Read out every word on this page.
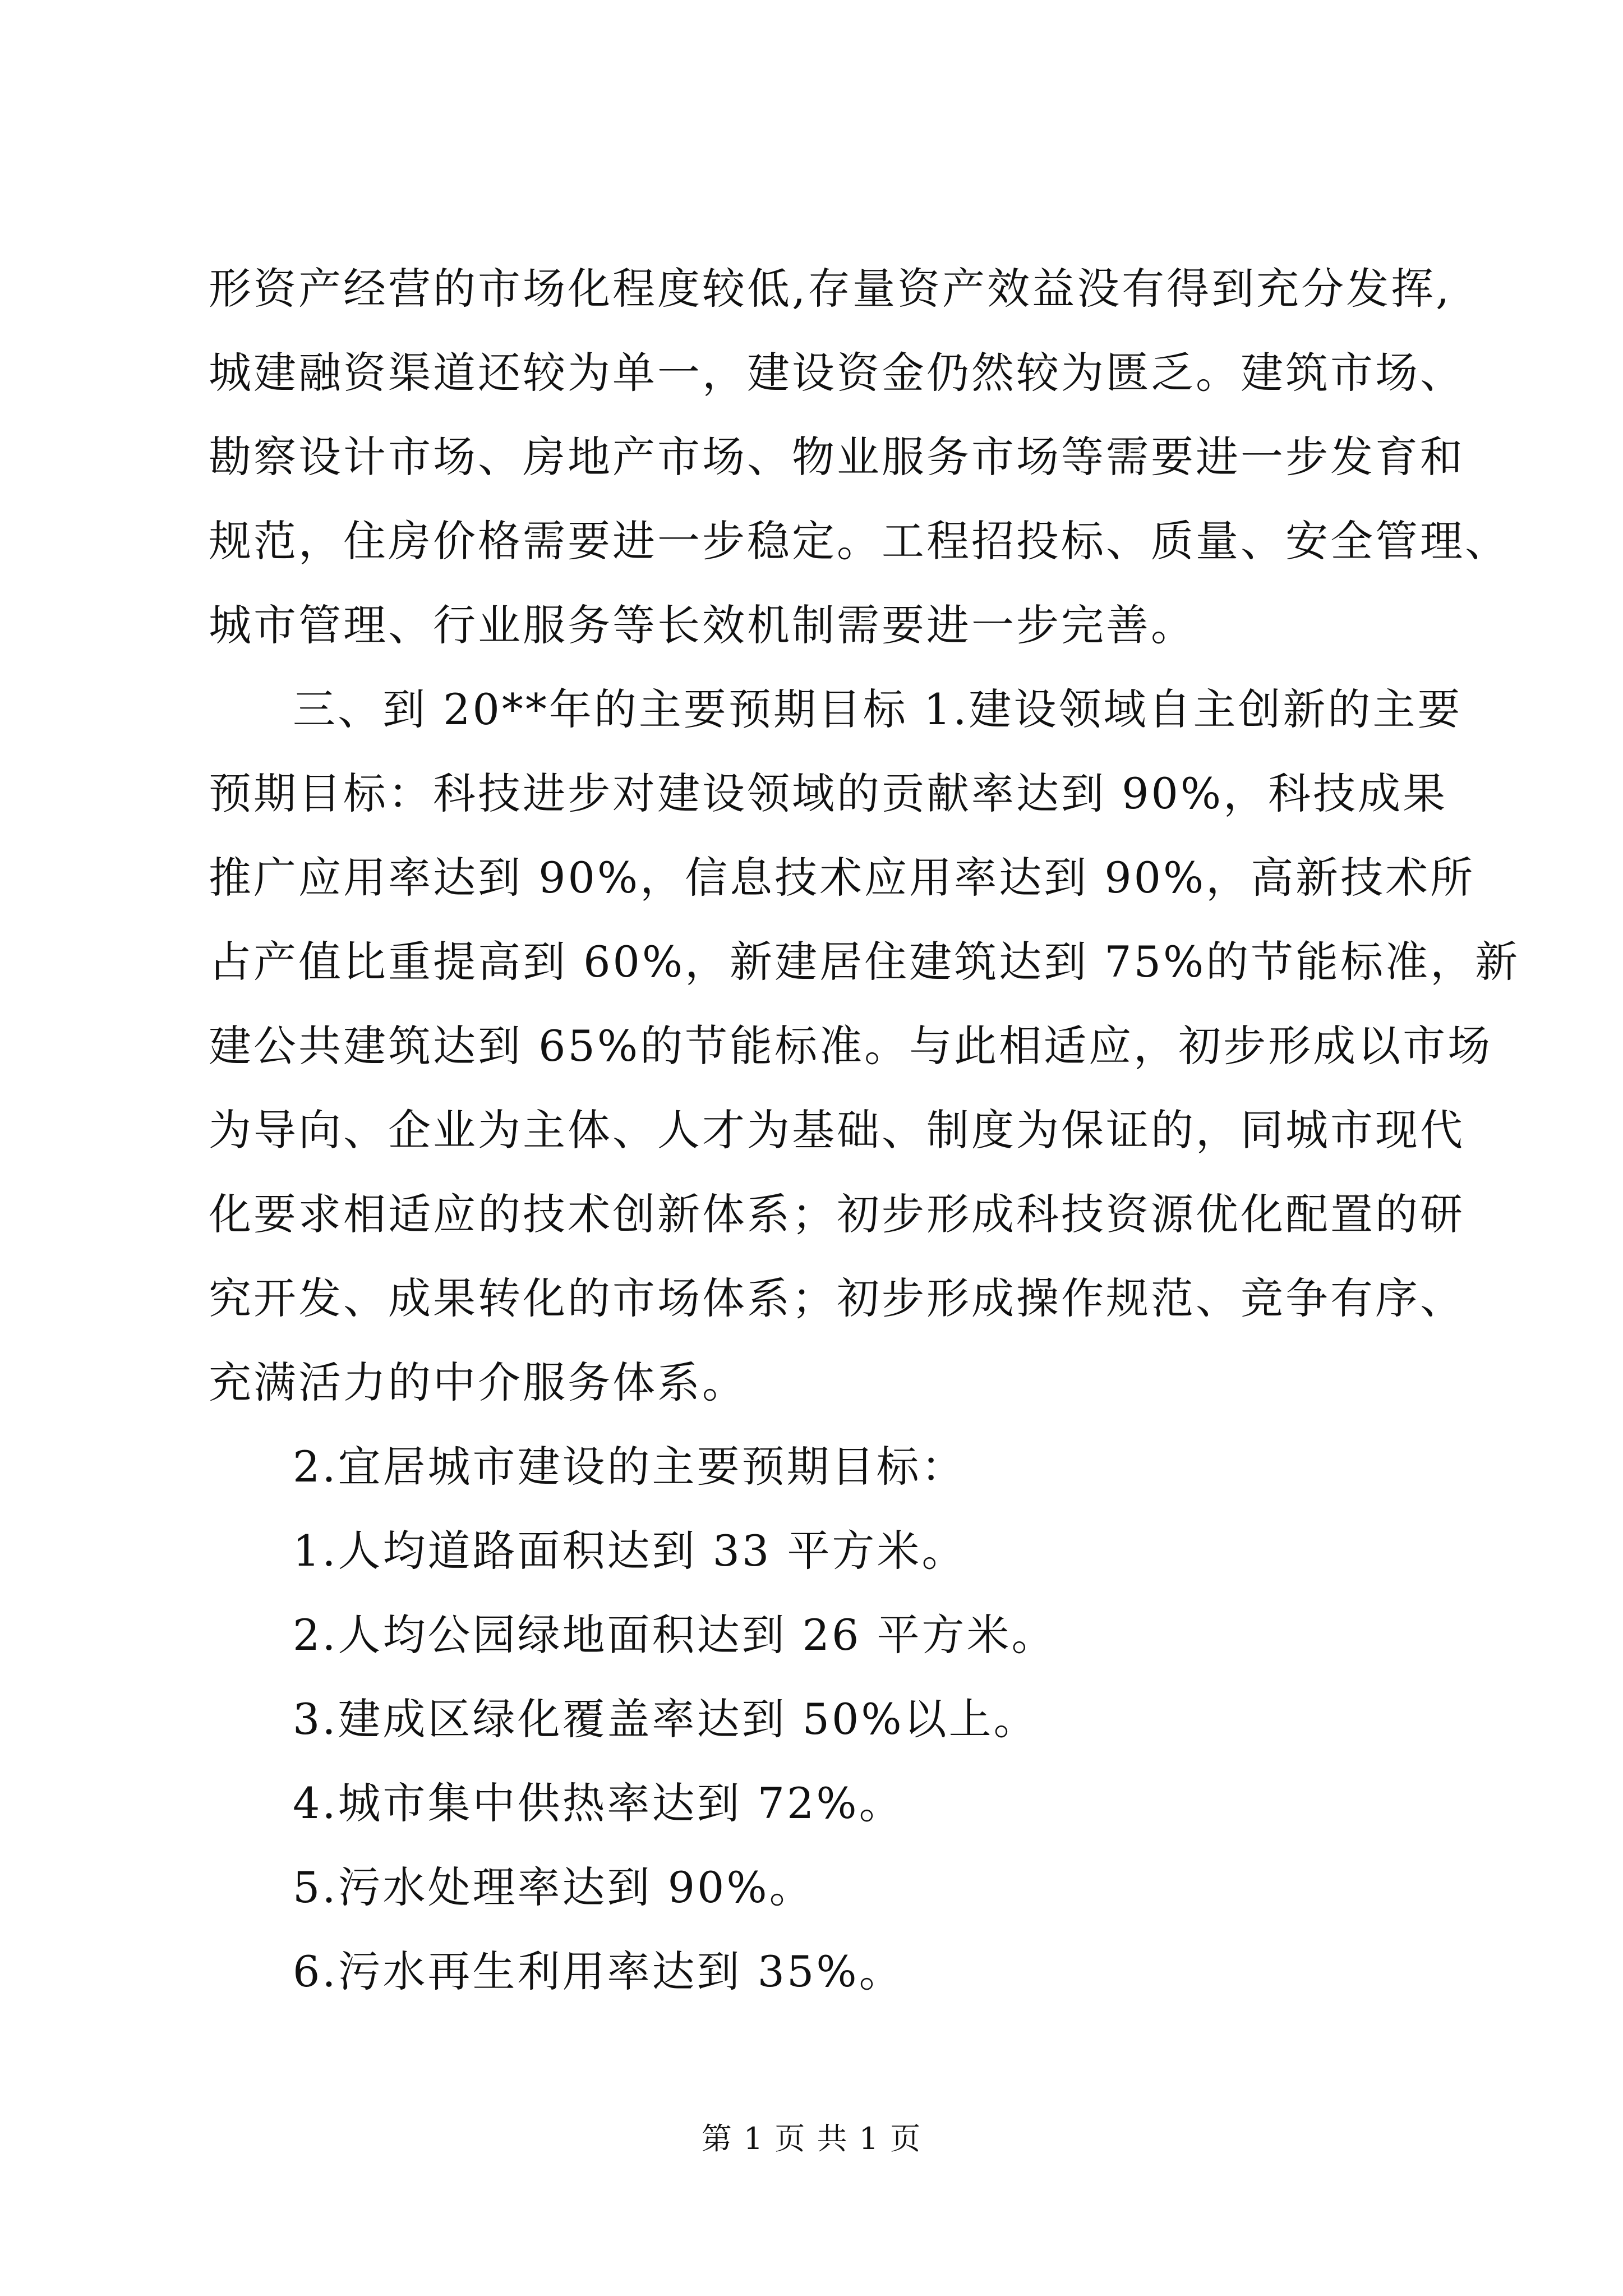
形资产经营的市场化程度较低,存量资产效益没有得到充分发挥,
城建融资渠道还较为单一，建设资金仍然较为匮乏。建筑市场、
勘察设计市场、房地产市场、物业服务市场等需要进一步发育和
规范，住房价格需要进一步稳定。工程招投标、质量、安全管理、
城市管理、行业服务等长效机制需要进一步完善。
三、到 20**年的主要预期目标 1.建设领域自主创新的主要
预期目标：科技进步对建设领域的贡献率达到 90%，科技成果
推广应用率达到 90%，信息技术应用率达到 90%，高新技术所
占产值比重提高到 60%，新建居住建筑达到 75%的节能标准，新
建公共建筑达到 65%的节能标准。与此相适应，初步形成以市场
为导向、企业为主体、人才为基础、制度为保证的，同城市现代
化要求相适应的技术创新体系；初步形成科技资源优化配置的研
究开发、成果转化的市场体系；初步形成操作规范、竞争有序、
充满活力的中介服务体系。
2.宜居城市建设的主要预期目标：
1.人均道路面积达到 33 平方米。
2.人均公园绿地面积达到 26 平方米。
3.建成区绿化覆盖率达到 50%以上。
4.城市集中供热率达到 72%。
5.污水处理率达到 90%。
6.污水再生利用率达到 35%。
第 1 页 共 1 页
